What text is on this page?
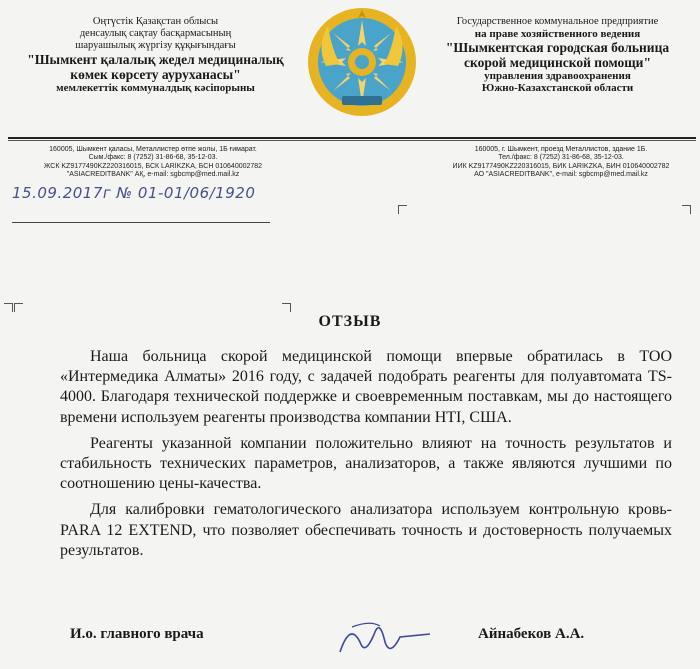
Оңтүстік Қазақстан облысы
денсаулық сақтау басқармасының
шаруашылық жүргізу құқығындағы
"Шымкент қалалық жедел медициналық көмек көрсету ауруханасы"
мемлекеттік коммуналдық кәсіпорыны
Государственное коммунальное предприятие
на праве хозяйственного ведения
"Шымкентская городская больница скорой медицинской помощи"
управления здравоохранения
Южно-Казахстанской области
160005, Шымкент қаласы, Металлистер өтпе жолы, 1Б ғимарат.
Сым./факс: 8 (7252) 31-86-68, 35-12-03.
ЖСК KZ9177490KZ220316015, БСК LARIKZKA, БСН 010640002782
"ASIACREDITBANK" АҚ, e-mail: sgbcmp@med.mail.kz
160005, г. Шымкент, проезд Металлистов, здание 1Б.
Тел./факс: 8 (7252) 31-86-68, 35-12-03.
ИИК KZ9177490KZ220316015, БИК LARIKZKA, БИН 010640002782
АО "ASIACREDITBANK", e-mail: sgbcmp@med.mail.kz
15.09.2017г № 01-01/06/1920
ОТЗЫВ

Наша больница скорой медицинской помощи впервые обратилась в ТОО «Интермедика Алматы» 2016 году, с задачей подобрать реагенты для полуавтомата TS-4000. Благодаря технической поддержке и своевременным поставкам, мы до настоящего времени используем реагенты производства компании HTI, США.

Реагенты указанной компании положительно влияют на точность результатов и стабильность технических параметров, анализаторов, а также являются лучшими по соотношению цены-качества.

Для калибровки гематологического анализатора используем контрольную кровь-PARA 12 EXTEND, что позволяет обеспечивать точность и достоверность получаемых результатов.

И.о. главного врача	Айнабеков А.А.
